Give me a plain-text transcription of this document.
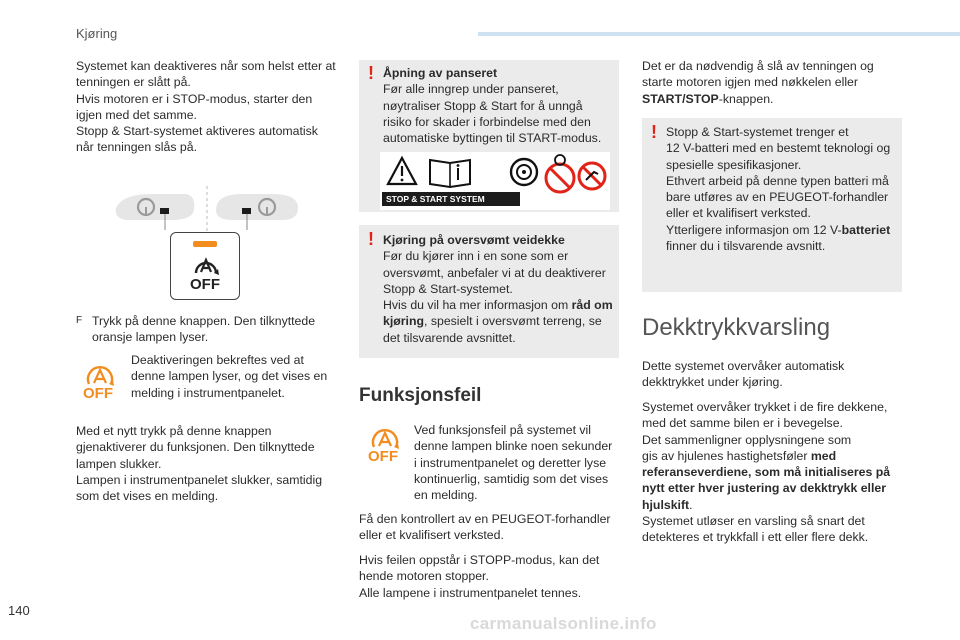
Kjøring
Systemet kan deaktiveres når som helst etter at
tenningen er slått på.
Hvis motoren er i STOP-modus, starter den
igjen med det samme.
Stopp & Start-systemet aktiveres automatisk
når tenningen slås på.
OFF
F Trykk på denne knappen. Den tilknyttede
oransje lampen lyser.
OFF
Deaktiveringen bekreftes ved at
denne lampen lyser, og det vises en
melding i instrumentpanelet.
Med et nytt trykk på denne knappen
gjenaktiverer du funksjonen. Den tilknyttede
lampen slukker.
Lampen i instrumentpanelet slukker, samtidig
som det vises en melding.
! Åpning av panseret
Før alle inngrep under panseret,
nøytraliser Stopp & Start for å unngå
risiko for skader i forbindelse med den
automatiske byttingen til START-modus.
STOP & START SYSTEM
! Kjøring på oversvømt veidekke
Før du kjører inn i en sone som er
oversvømt, anbefaler vi at du deaktiverer
Stopp & Start-systemet.
Hvis du vil ha mer informasjon om råd om
kjøring, spesielt i oversvømt terreng, se
det tilsvarende avsnittet.
Funksjonsfeil
OFF
Ved funksjonsfeil på systemet vil
denne lampen blinke noen sekunder
i instrumentpanelet og deretter lyse
kontinuerlig, samtidig som det vises
en melding.
Få den kontrollert av en PEUGEOT-forhandler
eller et kvalifisert verksted.
Hvis feilen oppstår i STOPP-modus, kan det
hende motoren stopper.
Alle lampene i instrumentpanelet tennes.
Det er da nødvendig å slå av tenningen og
starte motoren igjen med nøkkelen eller
START/STOP-knappen.
! Stopp & Start-systemet trenger et
12 V-batteri med en bestemt teknologi og
spesielle spesifikasjoner.
Ethvert arbeid på denne typen batteri må
bare utføres av en PEUGEOT-forhandler
eller et kvalifisert verksted.
Ytterligere informasjon om 12 V-batteriet
finner du i tilsvarende avsnitt.
Dekktrykkvarsling
Dette systemet overvåker automatisk
dekktrykket under kjøring.
Systemet overvåker trykket i de fire dekkene,
med det samme bilen er i bevegelse.
Det sammenligner opplysningene som
gis av hjulenes hastighetsføler med
referanseverdiene, som må initialiseres på
nytt etter hver justering av dekktrykk eller
hjulskift.
Systemet utløser en varsling så snart det
detekteres et trykkfall i ett eller flere dekk.
140
carmanualsonline.info
